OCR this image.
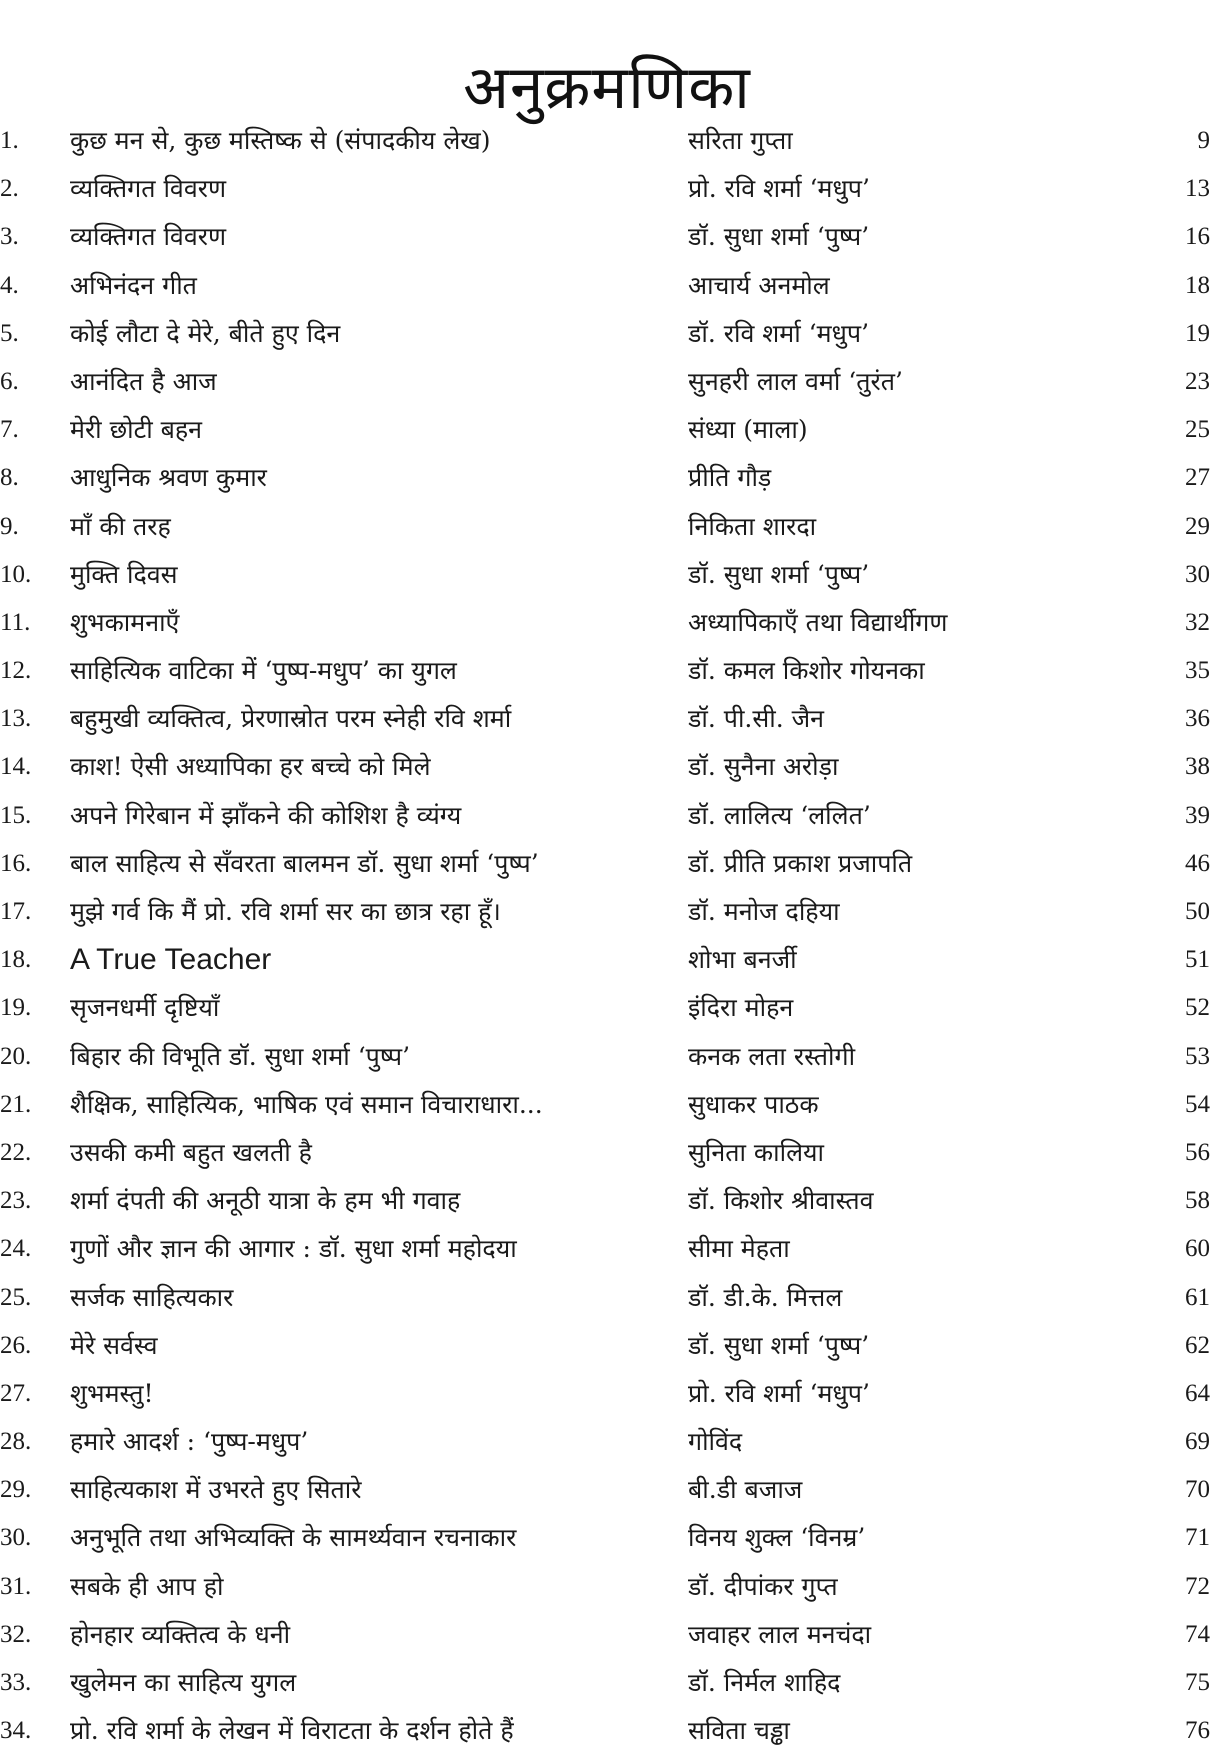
अनुक्रमणिका
1.	कुछ मन से, कुछ मस्तिष्क से (संपादकीय लेख)	सरिता गुप्ता	9
2.	व्यक्तिगत विवरण	प्रो. रवि शर्मा ‘मधुप’	13
3.	व्यक्तिगत विवरण	डॉ. सुधा शर्मा ‘पुष्प’	16
4.	अभिनंदन गीत	आचार्य अनमोल	18
5.	कोई लौटा दे मेरे, बीते हुए दिन	डॉ. रवि शर्मा ‘मधुप’	19
6.	आनंदित है आज	सुनहरी लाल वर्मा ‘तुरंत’	23
7.	मेरी छोटी बहन	संध्या (माला)	25
8.	आधुनिक श्रवण कुमार	प्रीति गौड़	27
9.	माँ की तरह	निकिता शारदा	29
10.	मुक्ति दिवस	डॉ. सुधा शर्मा ‘पुष्प’	30
11.	शुभकामनाएँ	अध्यापिकाएँ तथा विद्यार्थीगण	32
12.	साहित्यिक वाटिका में ‘पुष्प-मधुप’ का युगल	डॉ. कमल किशोर गोयनका	35
13.	बहुमुखी व्यक्तित्व, प्रेरणास्रोत परम स्नेही रवि शर्मा	डॉ. पी.सी. जैन	36
14.	काश! ऐसी अध्यापिका हर बच्चे को मिले	डॉ. सुनैना अरोड़ा	38
15.	अपने गिरेबान में झाँकने की कोशिश है व्यंग्य	डॉ. लालित्य ‘ललित’	39
16.	बाल साहित्य से सँवरता बालमन डॉ. सुधा शर्मा ‘पुष्प’	डॉ. प्रीति प्रकाश प्रजापति	46
17.	मुझे गर्व कि मैं प्रो. रवि शर्मा सर का छात्र रहा हूँ।	डॉ. मनोज दहिया	50
18.	A True Teacher	शोभा बनर्जी	51
19.	सृजनधर्मी दृष्टियाँ	इंदिरा मोहन	52
20.	बिहार की विभूति डॉ. सुधा शर्मा ‘पुष्प’	कनक लता रस्तोगी	53
21.	शैक्षिक, साहित्यिक, भाषिक एवं समान विचाराधारा...	सुधाकर पाठक	54
22.	उसकी कमी बहुत खलती है	सुनिता कालिया	56
23.	शर्मा दंपती की अनूठी यात्रा के हम भी गवाह	डॉ. किशोर श्रीवास्तव	58
24.	गुणों और ज्ञान की आगार : डॉ. सुधा शर्मा महोदया	सीमा मेहता	60
25.	सर्जक साहित्यकार	डॉ. डी.के. मित्तल	61
26.	मेरे सर्वस्व	डॉ. सुधा शर्मा ‘पुष्प’	62
27.	शुभमस्तु!	प्रो. रवि शर्मा ‘मधुप’	64
28.	हमारे आदर्श : ‘पुष्प-मधुप’	गोविंद	69
29.	साहित्यकाश में उभरते हुए सितारे	बी.डी बजाज	70
30.	अनुभूति तथा अभिव्यक्ति के सामर्थ्यवान रचनाकार	विनय शुक्ल ‘विनम्र’	71
31.	सबके ही आप हो	डॉ. दीपांकर गुप्त	72
32.	होनहार व्यक्तित्व के धनी	जवाहर लाल मनचंदा	74
33.	खुलेमन का साहित्य युगल	डॉ. निर्मल शाहिद	75
34.	प्रो. रवि शर्मा के लेखन में विराटता के दर्शन होते हैं	सविता चड्ढा	76
